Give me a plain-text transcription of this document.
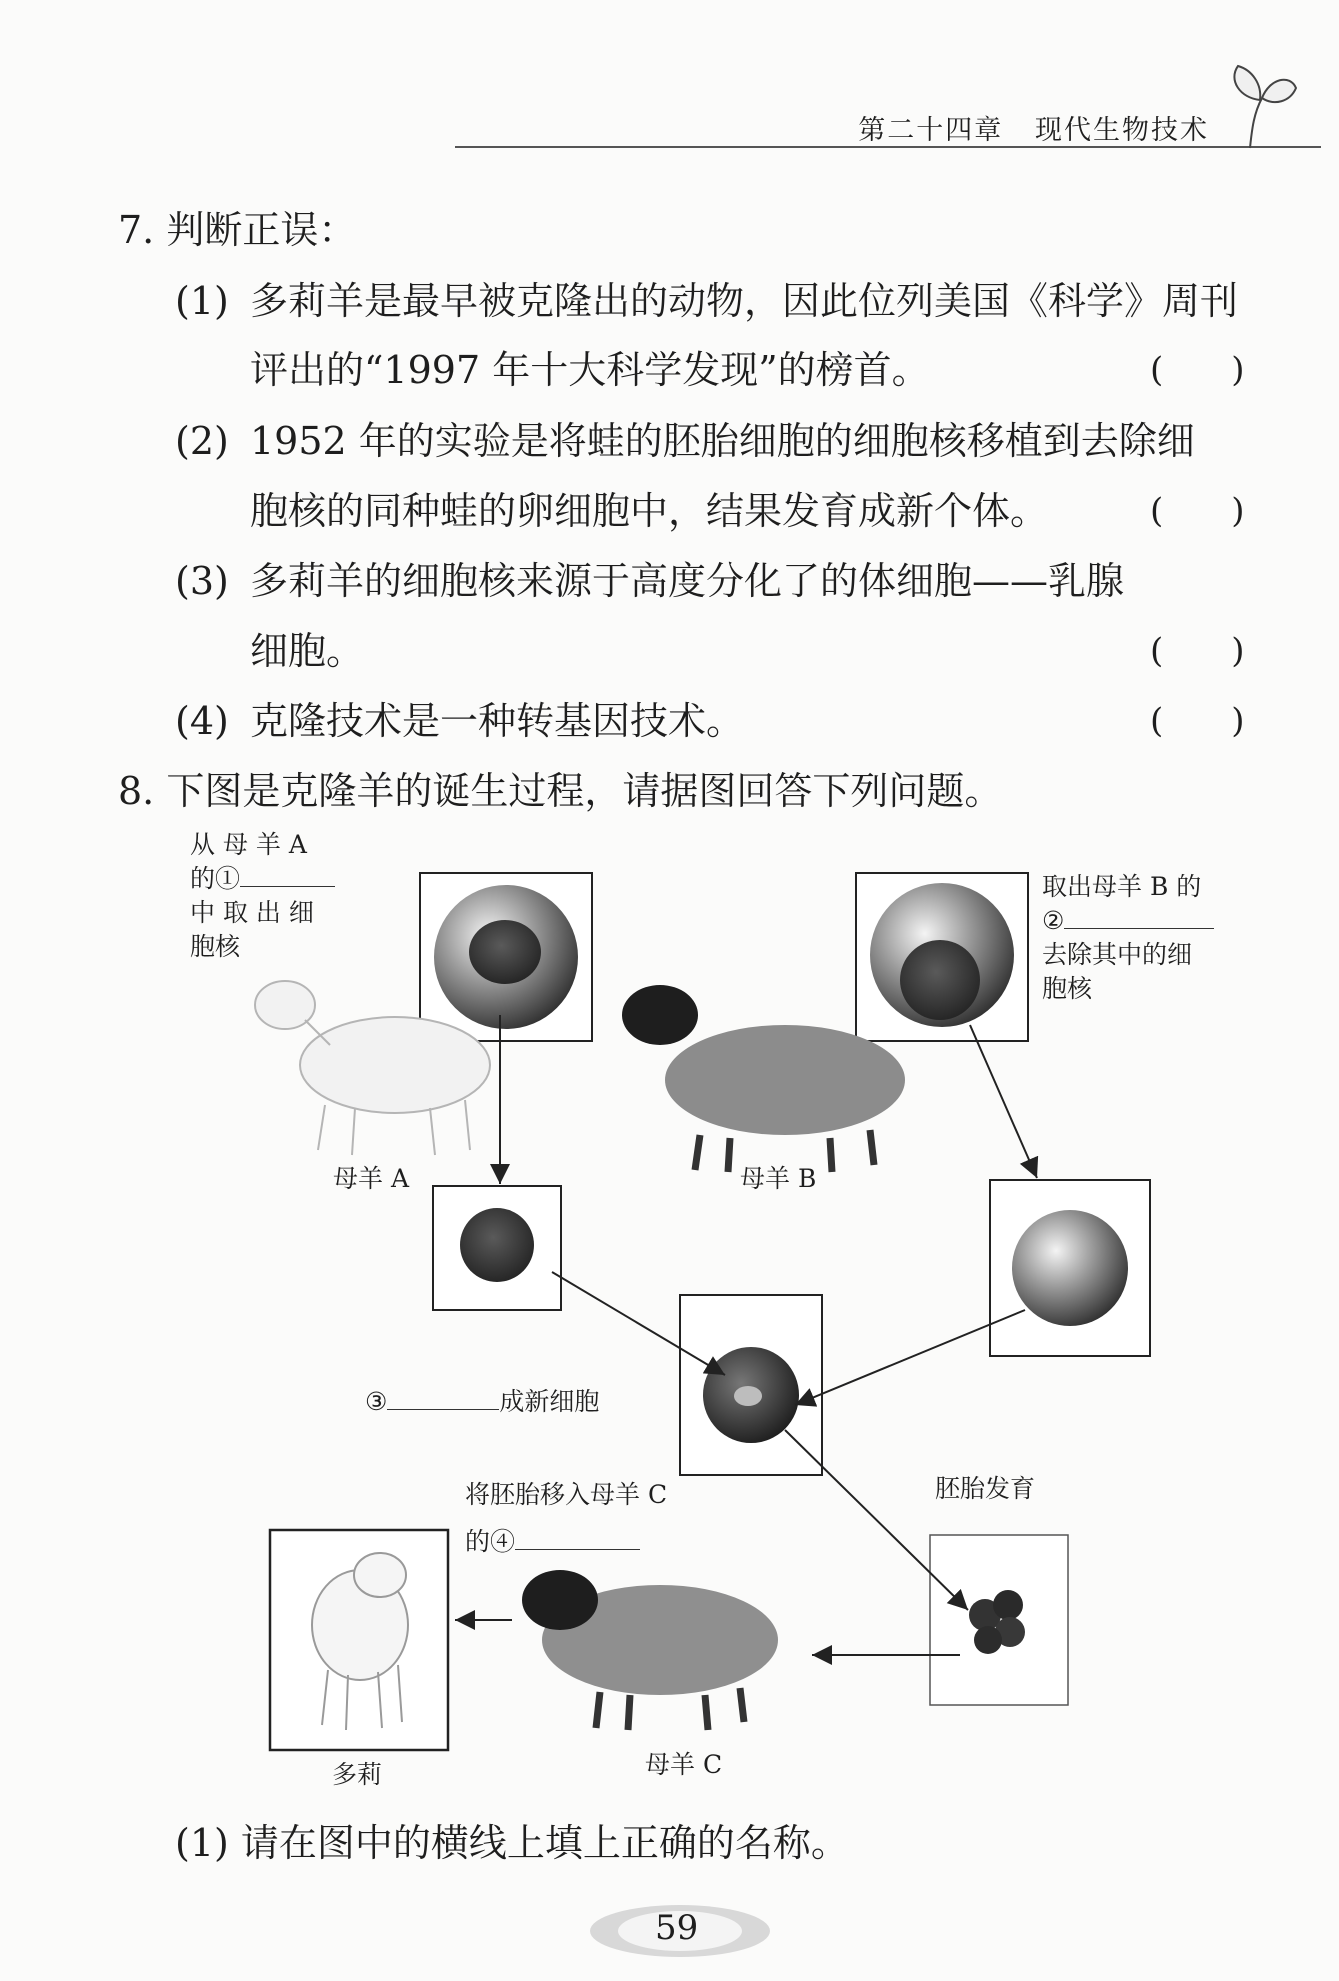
第二十四章 现代生物技术
7. 判断正误：
(1) 多莉羊是最早被克隆出的动物，因此位列美国《科学》周刊
评出的“1997 年十大科学发现”的榜首。	(　　)
(2) 1952 年的实验是将蛙的胚胎细胞的细胞核移植到去除细
胞核的同种蛙的卵细胞中，结果发育成新个体。	(　　)
(3) 多莉羊的细胞核来源于高度分化了的体细胞——乳腺
细胞。	(　　)
(4) 克隆技术是一种转基因技术。	(　　)
8. 下图是克隆羊的诞生过程，请据图回答下列问题。
从 母 羊 A
的①
中 取 出 细
胞核
取出母羊 B 的
②
去除其中的细
胞核
母羊 A	母羊 B
③	成新细胞
将胚胎移入母羊 C
的④
胚胎发育
多莉	母羊 C
(1) 请在图中的横线上填上正确的名称。
59
